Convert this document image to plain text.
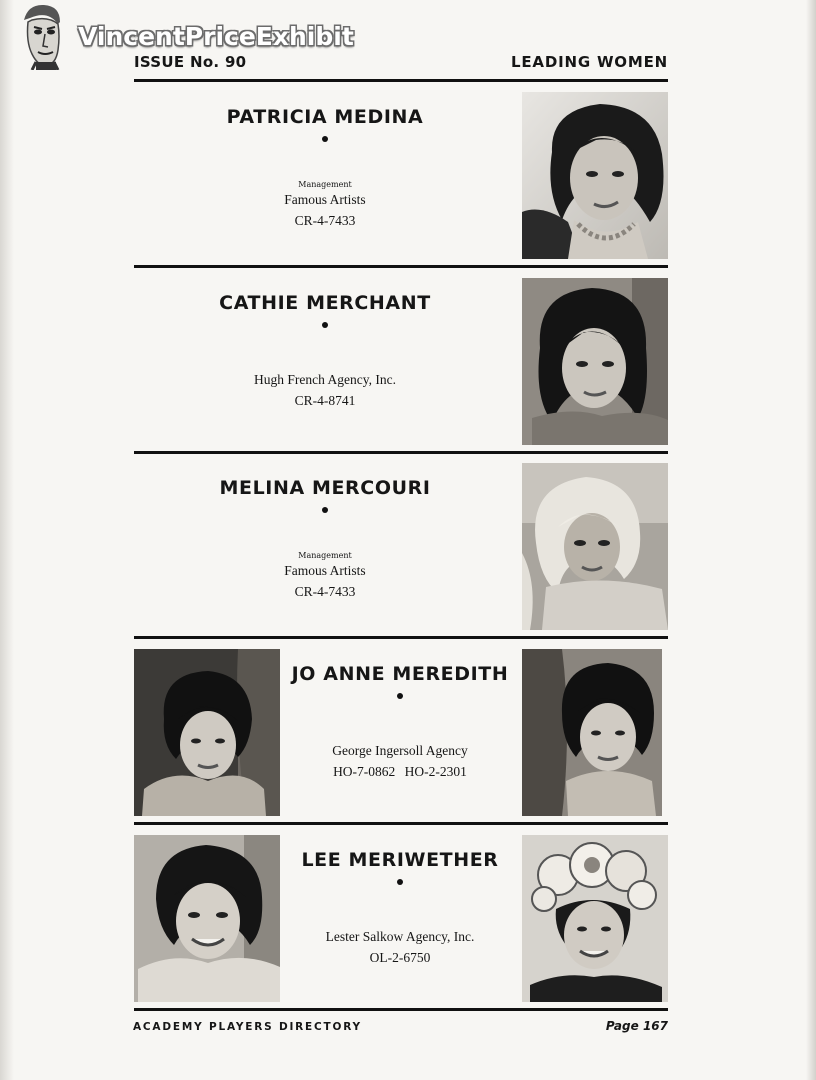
VincentPriceExhibit
ISSUE No. 90	LEADING WOMEN
PATRICIA MEDINA
Management
Famous Artists
CR-4-7433
CATHIE MERCHANT
Hugh French Agency, Inc.
CR-4-8741
MELINA MERCOURI
Management
Famous Artists
CR-4-7433
JO ANNE MEREDITH
George Ingersoll Agency
HO-7-0862 HO-2-2301
LEE MERIWETHER
Lester Salkow Agency, Inc.
OL-2-6750
ACADEMY PLAYERS DIRECTORY	Page 167
